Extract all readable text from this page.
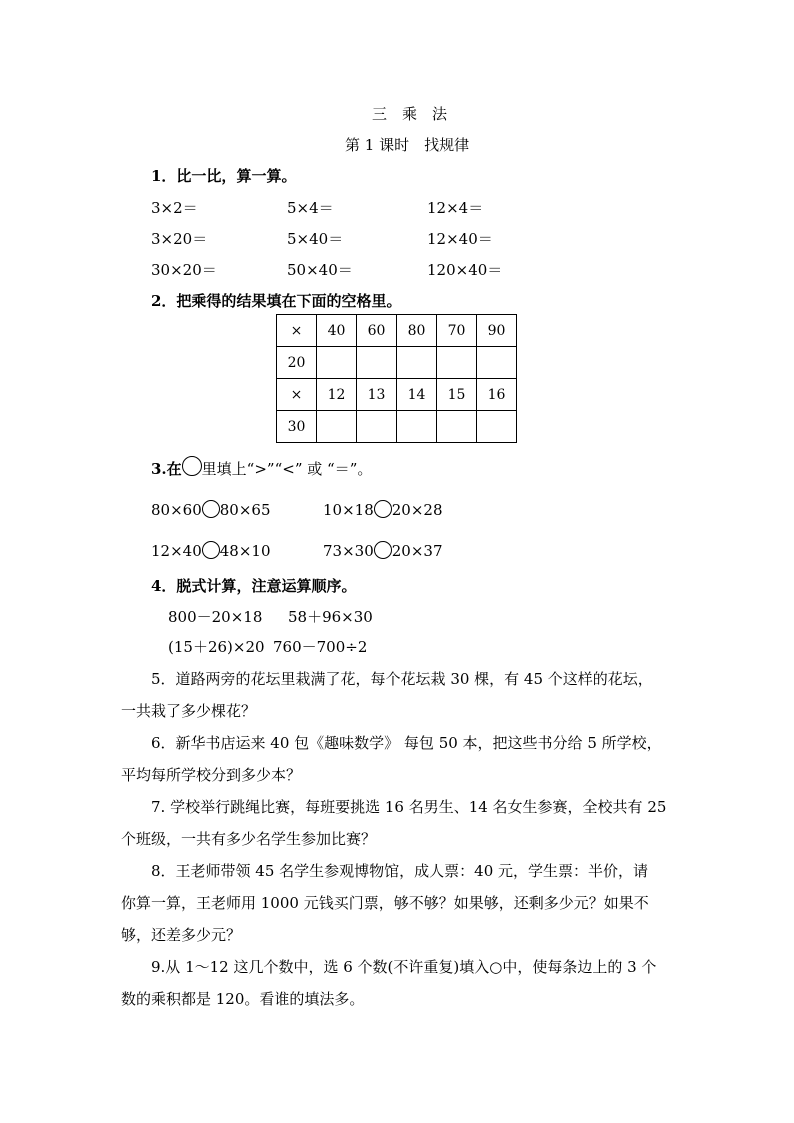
三　乘　法
第 1 课时　找规律
1．比一比，算一算。
3×2＝	5×4＝	12×4＝
3×20＝	5×40＝	12×40＝
30×20＝	50×40＝	120×40＝
2．把乘得的结果填在下面的空格里。
×	40	60	80	70	90
20					
×	12	13	14	15	16
30					
3.在 里填上“>”“<” 或 “＝”。
80×60 80×65	10×18 20×28
12×40 48×10	73×30 20×37
4．脱式计算，注意运算顺序。
800－20×18 58＋96×30
(15＋26)×20 760－700÷2
5．道路两旁的花坛里栽满了花，每个花坛栽 30 棵，有 45 个这样的花坛，
一共栽了多少棵花？
6．新华书店运来 40 包《趣味数学》 每包 50 本，把这些书分给 5 所学校，
平均每所学校分到多少本？
7. 学校举行跳绳比赛，每班要挑选 16 名男生、14 名女生参赛，全校共有 25
个班级，一共有多少名学生参加比赛？
8．王老师带领 45 名学生参观博物馆，成人票：40 元，学生票：半价，请
你算一算，王老师用 1000 元钱买门票，够不够？如果够，还剩多少元？如果不
够，还差多少元？
9.从 1～12 这几个数中，选 6 个数(不许重复)填入○中，使每条边上的 3 个
数的乘积都是 120。看谁的填法多。
